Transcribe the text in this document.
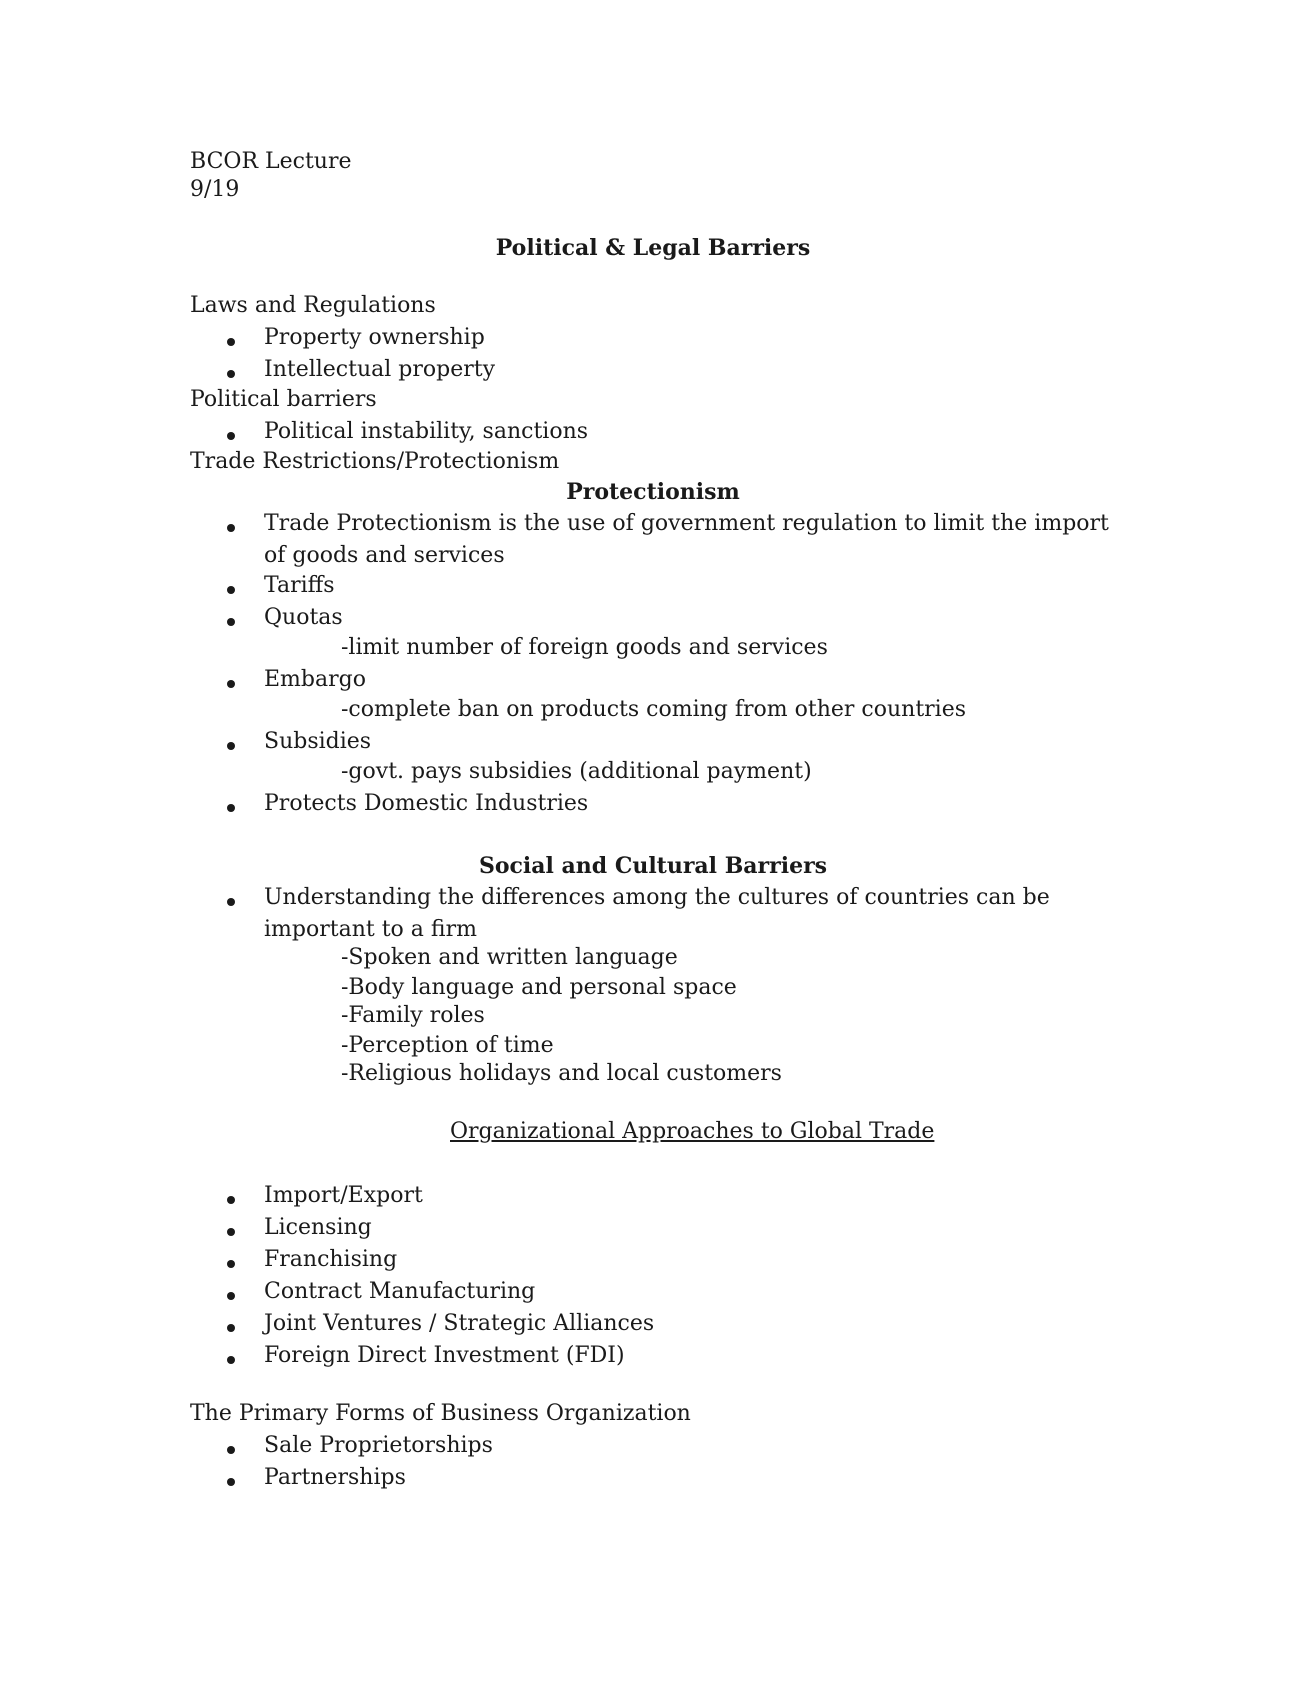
BCOR Lecture
9/19
Political & Legal Barriers
Laws and Regulations
Property ownership
Intellectual property
Political barriers
Political instability, sanctions
Trade Restrictions/Protectionism
Protectionism
Trade Protectionism is the use of government regulation to limit the import
of goods and services
Tariffs
Quotas
-limit number of foreign goods and services
Embargo
-complete ban on products coming from other countries
Subsidies
-govt. pays subsidies (additional payment)
Protects Domestic Industries
Social and Cultural Barriers
Understanding the differences among the cultures of countries can be
important to a firm
-Spoken and written language
-Body language and personal space
-Family roles
-Perception of time
-Religious holidays and local customers
Organizational Approaches to Global Trade
Import/Export
Licensing
Franchising
Contract Manufacturing
Joint Ventures / Strategic Alliances
Foreign Direct Investment (FDI)
The Primary Forms of Business Organization
Sale Proprietorships
Partnerships
